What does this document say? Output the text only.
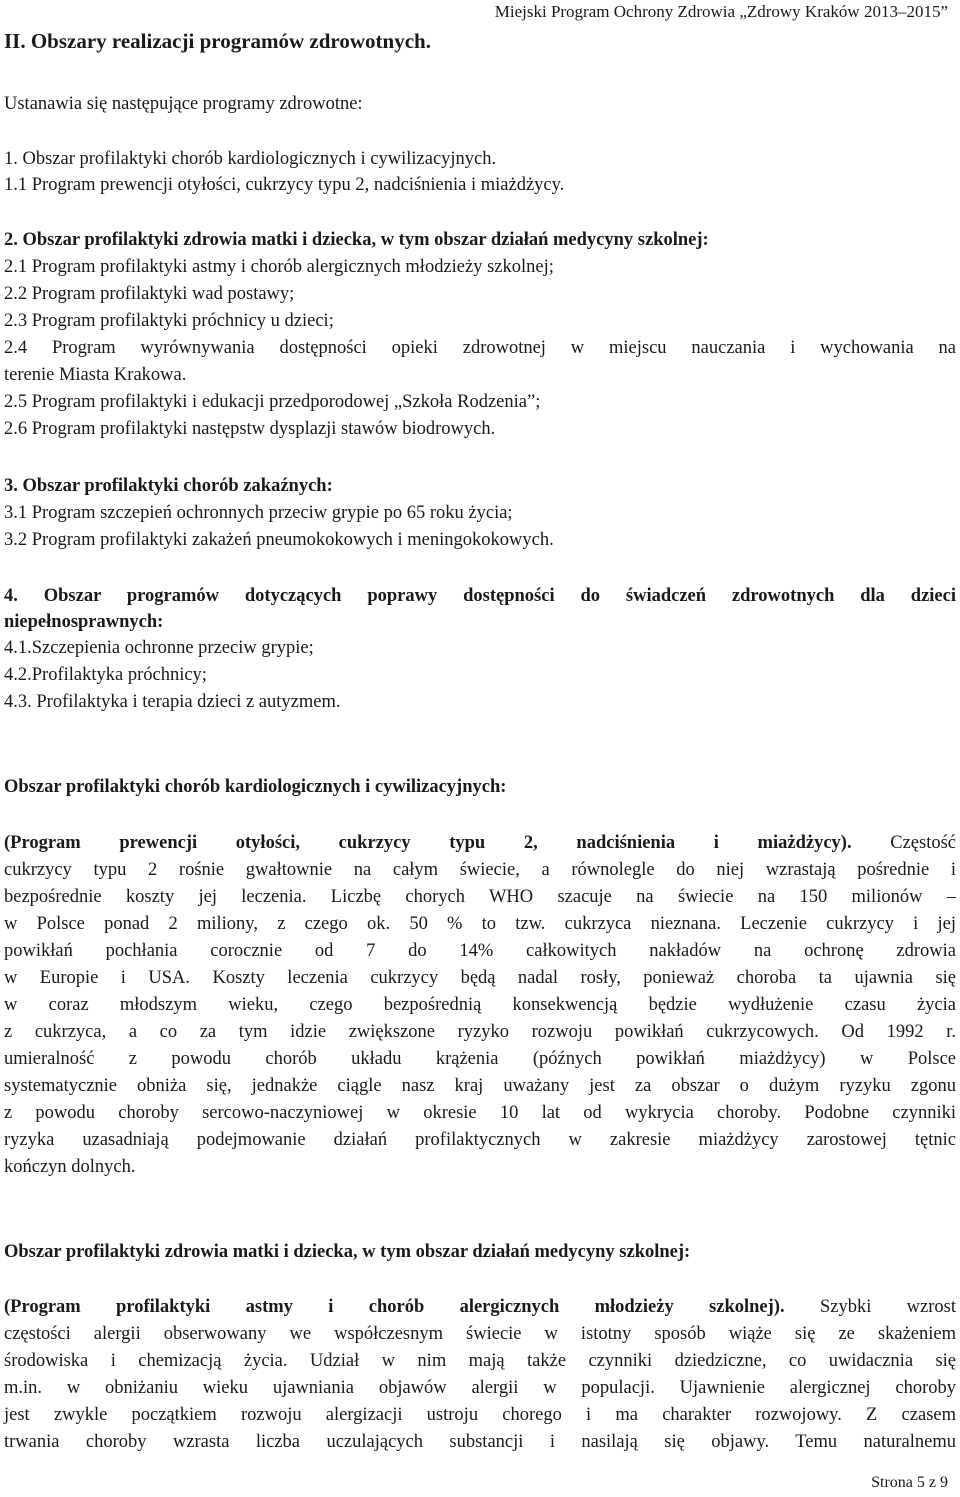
Miejski Program Ochrony Zdrowia „Zdrowy Kraków 2013–2015”
II. Obszary realizacji programów zdrowotnych.
Ustanawia się następujące programy zdrowotne:
1. Obszar profilaktyki chorób kardiologicznych i cywilizacyjnych.
1.1 Program prewencji otyłości, cukrzycy typu 2, nadciśnienia i miażdżycy.
2. Obszar profilaktyki zdrowia matki i dziecka, w tym obszar działań medycyny szkolnej:
2.1 Program profilaktyki astmy i chorób alergicznych młodzieży szkolnej;
2.2 Program profilaktyki wad postawy;
2.3 Program profilaktyki próchnicy u dzieci;
2.4 Program wyrównywania dostępności opieki zdrowotnej w miejscu nauczania i wychowania na
terenie Miasta Krakowa.
2.5 Program profilaktyki i edukacji przedporodowej „Szkoła Rodzenia”;
2.6 Program profilaktyki następstw dysplazji stawów biodrowych.
3. Obszar profilaktyki chorób zakaźnych:
3.1 Program szczepień ochronnych przeciw grypie po 65 roku życia;
3.2 Program profilaktyki zakażeń pneumokokowych i meningokokowych.
4. Obszar programów dotyczących poprawy dostępności do świadczeń zdrowotnych dla dzieci
niepełnosprawnych:
4.1.Szczepienia ochronne przeciw grypie;
4.2.Profilaktyka próchnicy;
4.3. Profilaktyka i terapia dzieci z autyzmem.
Obszar profilaktyki chorób kardiologicznych i cywilizacyjnych:
(Program prewencji otyłości, cukrzycy typu 2, nadciśnienia i miażdżycy). Częstość
cukrzycy typu 2 rośnie gwałtownie na całym świecie, a równolegle do niej wzrastają pośrednie i
bezpośrednie koszty jej leczenia. Liczbę chorych WHO szacuje na świecie na 150 milionów –
w Polsce ponad 2 miliony, z czego ok. 50 % to tzw. cukrzyca nieznana. Leczenie cukrzycy i jej
powikłań pochłania corocznie od 7 do 14% całkowitych nakładów na ochronę zdrowia
w Europie i USA. Koszty leczenia cukrzycy będą nadal rosły, ponieważ choroba ta ujawnia się
w coraz młodszym wieku, czego bezpośrednią konsekwencją będzie wydłużenie czasu życia
z cukrzyca, a co za tym idzie zwiększone ryzyko rozwoju powikłań cukrzycowych. Od 1992 r.
umieralność z powodu chorób układu krążenia (późnych powikłań miażdżycy) w Polsce
systematycznie obniża się, jednakże ciągle nasz kraj uważany jest za obszar o dużym ryzyku zgonu
z powodu choroby sercowo-naczyniowej w okresie 10 lat od wykrycia choroby. Podobne czynniki
ryzyka uzasadniają podejmowanie działań profilaktycznych w zakresie miażdżycy zarostowej tętnic
kończyn dolnych.
Obszar profilaktyki zdrowia matki i dziecka, w tym obszar działań medycyny szkolnej:
(Program profilaktyki astmy i chorób alergicznych młodzieży szkolnej). Szybki wzrost
częstości alergii obserwowany we współczesnym świecie w istotny sposób wiąże się ze skażeniem
środowiska i chemizacją życia. Udział w nim mają także czynniki dziedziczne, co uwidacznia się
m.in. w obniżaniu wieku ujawniania objawów alergii w populacji. Ujawnienie alergicznej choroby
jest zwykle początkiem rozwoju alergizacji ustroju chorego i ma charakter rozwojowy. Z czasem
trwania choroby wzrasta liczba uczulających substancji i nasilają się objawy. Temu naturalnemu
Strona 5 z 9
